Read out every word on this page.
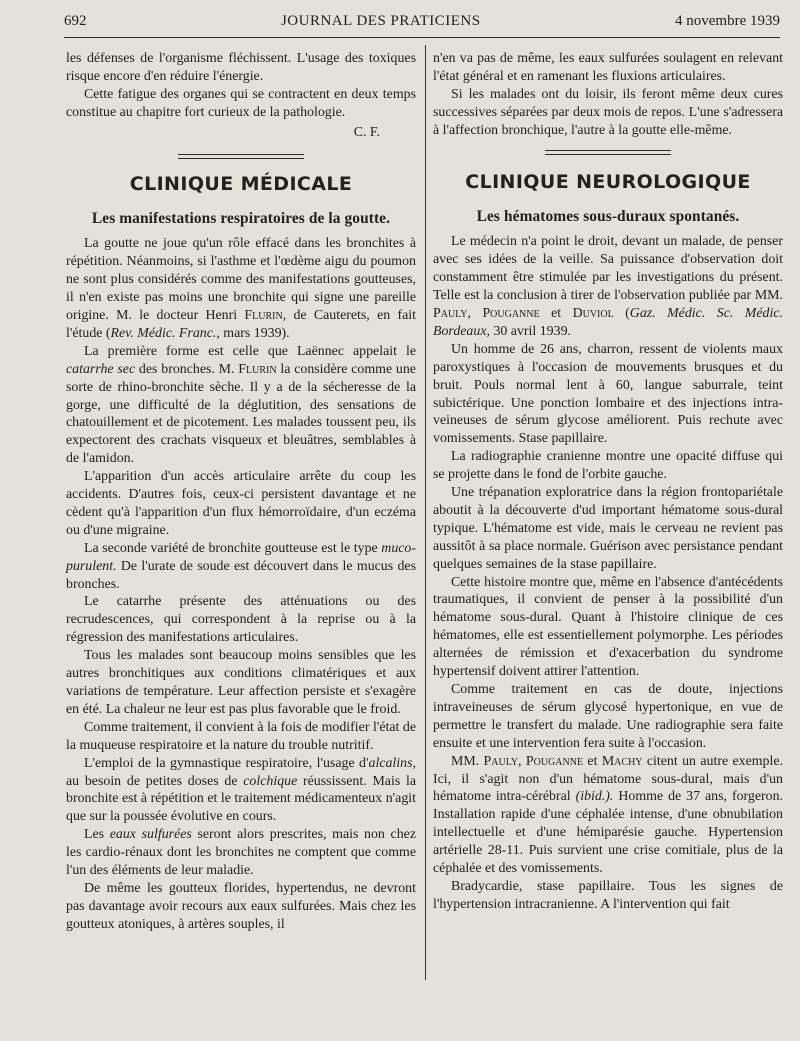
692	JOURNAL DES PRATICIENS	4 novembre 1939

les défenses de l'organisme fléchissent. L'usage des toxiques risque encore d'en réduire l'énergie.

Cette fatigue des organes qui se contractent en deux temps constitue au chapitre fort curieux de la pathologie.

C. F.
CLINIQUE MÉDICALE
Les manifestations respiratoires de la goutte.

La goutte ne joue qu'un rôle effacé dans les bronchites à répétition. Néanmoins, si l'asthme et l'œdème aigu du poumon ne sont plus considérés comme des manifestations goutteuses, il n'en existe pas moins une bronchite qui signe une pareille origine. M. le docteur Henri Flurin, de Cauterets, en fait l'étude (Rev. Médic. Franc., mars 1939).

La première forme est celle que Laënnec appelait le catarrhe sec des bronches. M. Flurin la considère comme une sorte de rhino-bronchite sèche. Il y a de la sécheresse de la gorge, une difficulté de la déglutition, des sensations de chatouillement et de picotement. Les malades toussent peu, ils expectorent des crachats visqueux et bleuâtres, semblables à de l'amidon.

L'apparition d'un accès articulaire arrête du coup les accidents. D'autres fois, ceux-ci persistent davantage et ne cèdent qu'à l'apparition d'un flux hémorroïdaire, d'un eczéma ou d'une migraine.

La seconde variété de bronchite goutteuse est le type muco-purulent. De l'urate de soude est découvert dans le mucus des bronches.

Le catarrhe présente des atténuations ou des recrudescences, qui correspondent à la reprise ou à la régression des manifestations articulaires.

Tous les malades sont beaucoup moins sensibles que les autres bronchitiques aux conditions climatériques et aux variations de température. Leur affection persiste et s'exagère en été. La chaleur ne leur est pas plus favorable que le froid.

Comme traitement, il convient à la fois de modifier l'état de la muqueuse respiratoire et la nature du trouble nutritif.

L'emploi de la gymnastique respiratoire, l'usage d'alcalins, au besoin de petites doses de colchique réussissent. Mais la bronchite est à répétition et le traitement médicamenteux n'agit que sur la poussée évolutive en cours.

Les eaux sulfurées seront alors prescrites, mais non chez les cardio-rénaux dont les bronchites ne comptent que comme l'un des éléments de leur maladie.

De même les goutteux florides, hypertendus, ne devront pas davantage avoir recours aux eaux sulfurées. Mais chez les goutteux atoniques, à artères souples, il

n'en va pas de même, les eaux sulfurées soulagent en relevant l'état général et en ramenant les fluxions articulaires.

Si les malades ont du loisir, ils feront même deux cures successives séparées par deux mois de repos. L'une s'adressera à l'affection bronchique, l'autre à la goutte elle-même.

CLINIQUE NEUROLOGIQUE
Les hématomes sous-duraux spontanés.

Le médecin n'a point le droit, devant un malade, de penser avec ses idées de la veille. Sa puissance d'observation doit constamment être stimulée par les investigations du présent. Telle est la conclusion à tirer de l'observation publiée par MM. Pauly, Pouganne et Duviol (Gaz. Médic. Sc. Médic. Bordeaux, 30 avril 1939.

Un homme de 26 ans, charron, ressent de violents maux paroxystiques à l'occasion de mouvements brusques et du bruit. Pouls normal lent à 60, langue saburrale, teint subictérique. Une ponction lombaire et des injections intra-veineuses de sérum glycose améliorent. Puis rechute avec vomissements. Stase papillaire.

La radiographie cranienne montre une opacité diffuse qui se projette dans le fond de l'orbite gauche.

Une trépanation exploratrice dans la région frontopariétale aboutit à la découverte d'ud important hématome sous-dural typique. L'hématome est vide, mais le cerveau ne revient pas aussitôt à sa place normale. Guérison avec persistance pendant quelques semaines de la stase papillaire.

Cette histoire montre que, même en l'absence d'antécédents traumatiques, il convient de penser à la possibilité d'un hématome sous-dural. Quant à l'histoire clinique de ces hématomes, elle est essentiellement polymorphe. Les périodes alternées de rémission et d'exacerbation du syndrome hypertensif doivent attirer l'attention.

Comme traitement en cas de doute, injections intraveineuses de sérum glycosé hypertonique, en vue de permettre le transfert du malade. Une radiographie sera faite ensuite et une intervention fera suite à l'occasion.

MM. Pauly, Pouganne et Machy citent un autre exemple. Ici, il s'agit non d'un hématome sous-dural, mais d'un hématome intra-cérébral (ibid.). Homme de 37 ans, forgeron. Installation rapide d'une céphalée intense, d'une obnubilation intellectuelle et d'une hémiparésie gauche. Hypertension artérielle 28-11. Puis survient une crise comitiale, plus de la céphalée et des vomissements.

Bradycardie, stase papillaire. Tous les signes de l'hypertension intracranienne. A l'intervention qui fait
